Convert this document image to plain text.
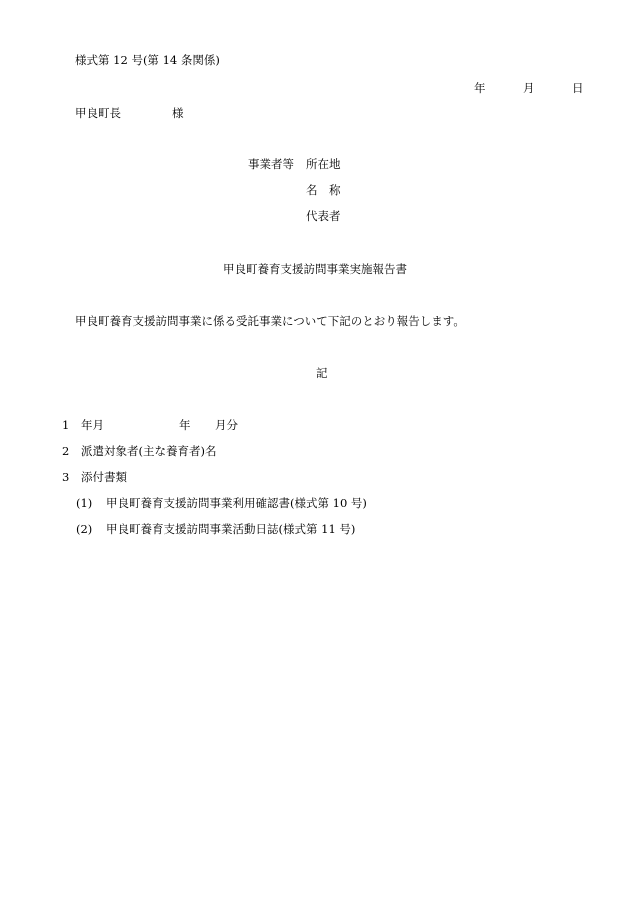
様式第 12 号(第 14 条関係)
年	月	日
甲良町長	様
事業者等 所在地
名　称
代表者
甲良町養育支援訪問事業実施報告書
甲良町養育支援訪問事業に係る受託事業について下記のとおり報告します。
記
1 年月	年 月分
2 派遣対象者(主な養育者)名
3 添付書類
(1) 甲良町養育支援訪問事業利用確認書(様式第 10 号)
(2) 甲良町養育支援訪問事業活動日誌(様式第 11 号)
